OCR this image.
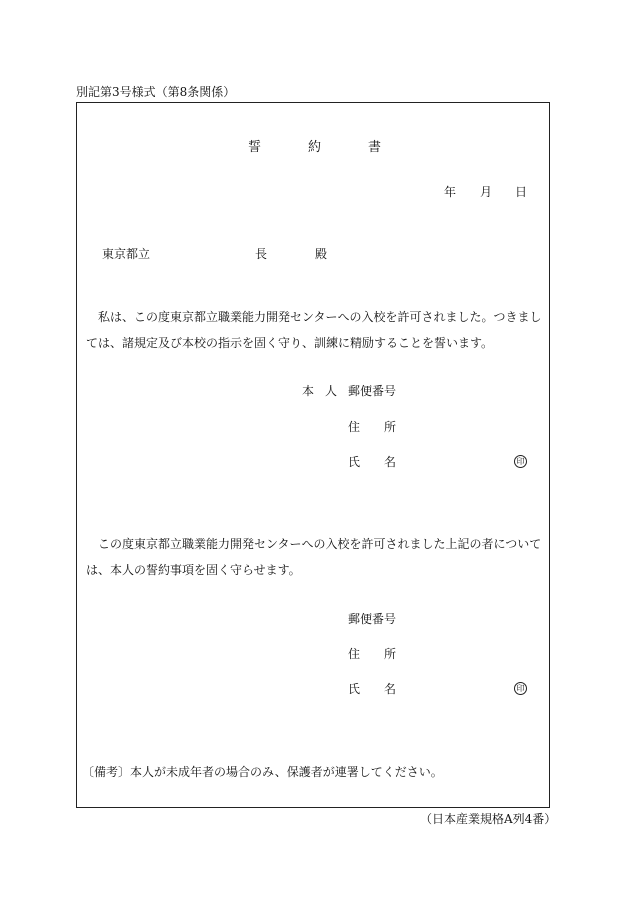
別記第3号様式（第8条関係）
誓	約	書
年 月 日
東京都立	長	殿

　私は、この度東京都立職業能力開発センターへの入校を許可されました。つきましては、諸規定及び本校の指示を固く守り、訓練に精励することを誓います。

本 人 郵便番号
住 所
氏 名	印

　この度東京都立職業能力開発センターへの入校を許可されました上記の者については、本人の誓約事項を固く守らせます。

郵便番号
住 所
氏 名	印
〔備考〕本人が未成年者の場合のみ、保護者が連署してください。
（日本産業規格A列4番）
